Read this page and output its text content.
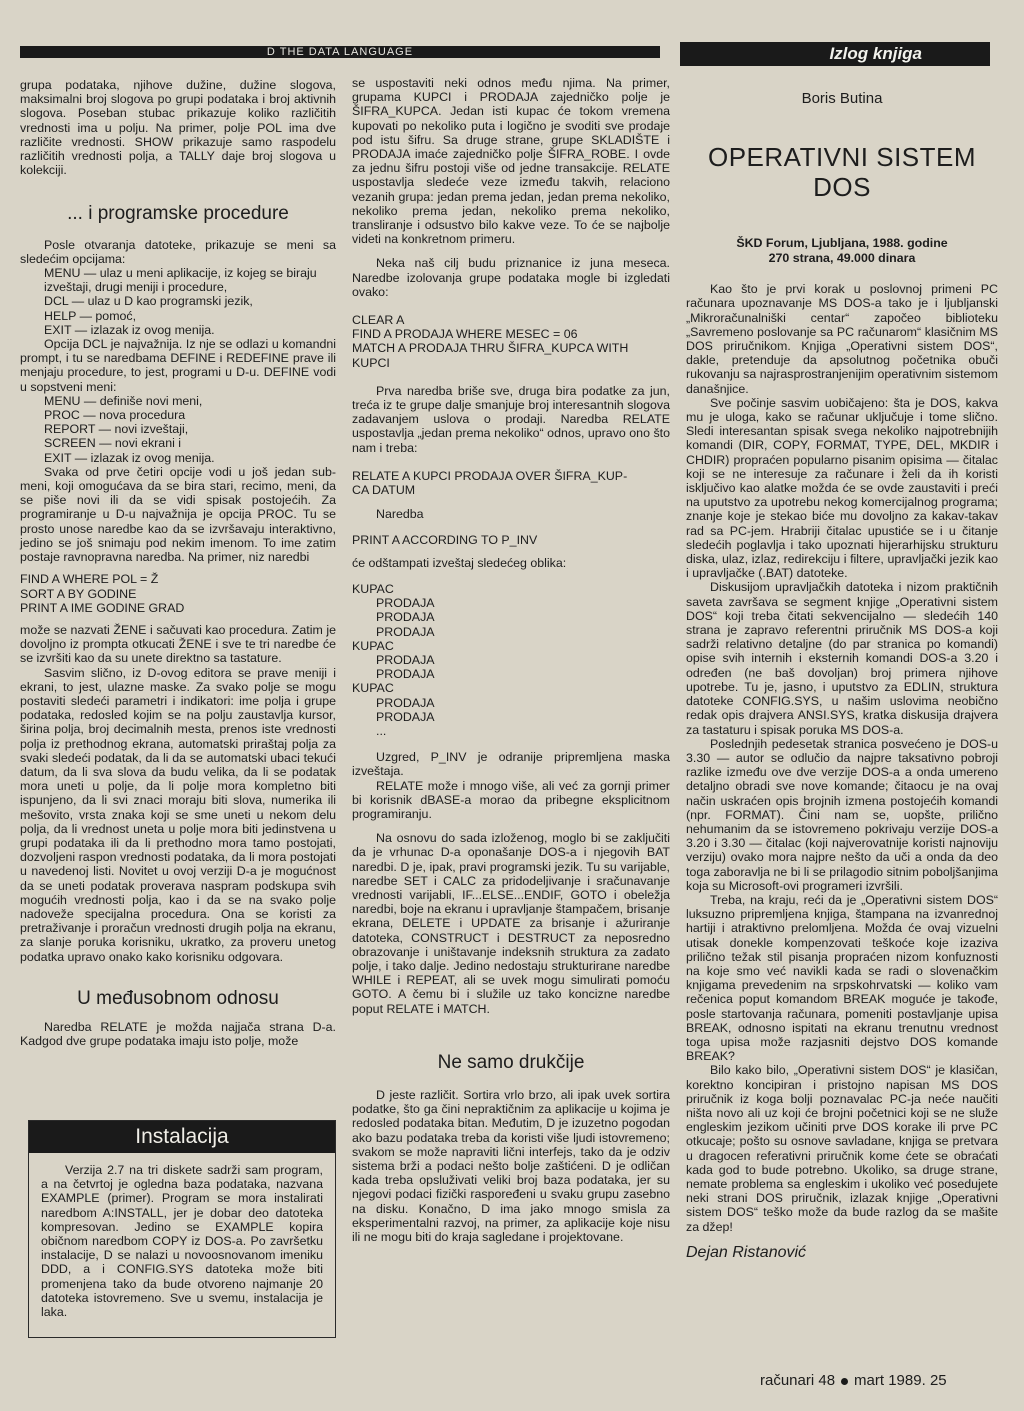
D THE DATA LANGUAGE	Izlog knjiga

grupa podataka, njihove dužine, dužine slogova, maksimalni broj slogova po grupi podataka i broj aktivnih slogova. Poseban stubac prikazuje koliko različitih vrednosti ima u polju. Na primer, polje POL ima dve različite vrednosti. SHOW prikazuje samo raspodelu različitih vrednosti polja, a TALLY daje broj slogova u kolekciji.

... i programske procedure

Posle otvaranja datoteke, prikazuje se meni sa sledećim opcijama:

MENU — ulaz u meni aplikacije, iz kojeg se biraju izveštaji, drugi meniji i procedure,
DCL — ulaz u D kao programski jezik,
HELP — pomoć,
EXIT — izlazak iz ovog menija.

Opcija DCL je najvažnija. Iz nje se odlazi u komandni prompt, i tu se naredbama DEFINE i REDEFINE prave ili menjaju procedure, to jest, programi u D-u. DEFINE vodi u sopstveni meni:

MENU — definiše novi meni,
PROC — nova procedura
REPORT — novi izveštaji,
SCREEN — novi ekrani i
EXIT — izlazak iz ovog menija.

Svaka od prve četiri opcije vodi u još jedan sub-meni, koji omogućava da se bira stari, recimo, meni, da se piše novi ili da se vidi spisak postojećih. Za programiranje u D-u najvažnija je opcija PROC. Tu se prosto unose naredbe kao da se izvršavaju interaktivno, jedino se još snimaju pod nekim imenom. To ime zatim postaje ravnopravna naredba. Na primer, niz naredbi

FIND A WHERE POL = Ž
SORT A BY GODINE
PRINT A IME GODINE GRAD

može se nazvati ŽENE i sačuvati kao procedura. Zatim je dovoljno iz prompta otkucati ŽENE i sve te tri naredbe će se izvršiti kao da su unete direktno sa tastature.

Sasvim slično, iz D-ovog editora se prave meniji i ekrani, to jest, ulazne maske. Za svako polje se mogu postaviti sledeći parametri i indikatori: ime polja i grupe podataka, redosled kojim se na polju zaustavlja kursor, širina polja, broj decimalnih mesta, prenos iste vrednosti polja iz prethodnog ekrana, automatski priraštaj polja za svaki sledeći podatak, da li da se automatski ubaci tekući datum, da li sva slova da budu velika, da li se podatak mora uneti u polje, da li polje mora kompletno biti ispunjeno, da li svi znaci moraju biti slova, numerika ili mešovito, vrsta znaka koji se sme uneti u nekom delu polja, da li vrednost uneta u polje mora biti jedinstvena u grupi podataka ili da li prethodno mora tamo postojati, dozvoljeni raspon vrednosti podataka, da li mora postojati u navedenoj listi. Novitet u ovoj verziji D-a je mogućnost da se uneti podatak proverava naspram podskupa svih mogućih vrednosti polja, kao i da se na svako polje nadoveže specijalna procedura. Ona se koristi za pretraživanje i proračun vrednosti drugih polja na ekranu, za slanje poruka korisniku, ukratko, za proveru unetog podatka upravo onako kako korisniku odgovara.

U međusobnom odnosu

Naredba RELATE je možda najjača strana D-a. Kadgod dve grupe podataka imaju isto polje, može

Instalacija
Verzija 2.7 na tri diskete sadrži sam program, a na četvrtoj je ogledna baza podataka, nazvana EXAMPLE (primer). Program se mora instalirati naredbom A:INSTALL, jer je dobar deo datoteka kompresovan. Jedino se EXAMPLE kopira običnom naredbom COPY iz DOS-a. Po završetku instalacije, D se nalazi u novoosnovanom imeniku DDD, a i CONFIG.SYS datoteka može biti promenjena tako da bude otvoreno najmanje 20 datoteka istovremeno. Sve u svemu, instalacija je laka.

se uspostaviti neki odnos među njima. Na primer, grupama KUPCI i PRODAJA zajedničko polje je ŠIFRA_KUPCA. Jedan isti kupac će tokom vremena kupovati po nekoliko puta i logično je svoditi sve prodaje pod istu šifru. Sa druge strane, grupe SKLADIŠTE i PRODAJA imaće zajedničko polje ŠIFRA_ROBE. I ovde za jednu šifru postoji više od jedne transakcije. RELATE uspostavlja sledeće veze između takvih, relaciono vezanih grupa: jedan prema jedan, jedan prema nekoliko, nekoliko prema jedan, nekoliko prema nekoliko, transliranje i odsustvo bilo kakve veze. To će se najbolje videti na konkretnom primeru.

Neka naš cilj budu priznanice iz juna meseca. Naredbe izolovanja grupe podataka mogle bi izgledati ovako:

CLEAR A
FIND A PRODAJA WHERE MESEC = 06
MATCH A PRODAJA THRU ŠIFRA_KUPCA WITH
KUPCI

Prva naredba briše sve, druga bira podatke za jun, treća iz te grupe dalje smanjuje broj interesantnih slogova zadavanjem uslova o prodaji. Naredba RELATE uspostavlja „jedan prema nekoliko“ odnos, upravo ono što nam i treba:

RELATE A KUPCI PRODAJA OVER ŠIFRA_KUP-
CA DATUM
Naredba
PRINT A ACCORDING TO P_INV

će odštampati izveštaj sledećeg oblika:

KUPAC
PRODAJA
PRODAJA
PRODAJA
KUPAC
PRODAJA
PRODAJA
KUPAC
PRODAJA
PRODAJA
...

Uzgred, P_INV je odranije pripremljena maska izveštaja.

RELATE može i mnogo više, ali već za gornji primer bi korisnik dBASE-a morao da pribegne eksplicitnom programiranju.

Na osnovu do sada izloženog, moglo bi se zaključiti da je vrhunac D-a oponašanje DOS-a i njegovih BAT naredbi. D je, ipak, pravi programski jezik. Tu su varijable, naredbe SET i CALC za pridodeljivanje i sračunavanje vrednosti varijabli, IF...ELSE...ENDIF, GOTO i obeležja naredbi, boje na ekranu i upravljanje štampačem, brisanje ekrana, DELETE i UPDATE za brisanje i ažuriranje datoteka, CONSTRUCT i DESTRUCT za neposredno obrazovanje i uništavanje indeksnih struktura za zadato polje, i tako dalje. Jedino nedostaju strukturirane naredbe WHILE i REPEAT, ali se uvek mogu simulirati pomoću GOTO. A čemu bi i služile uz tako koncizne naredbe poput RELATE i MATCH.

Ne samo drukčije

D jeste različit. Sortira vrlo brzo, ali ipak uvek sortira podatke, što ga čini nepraktičnim za aplikacije u kojima je redosled podataka bitan. Međutim, D je izuzetno pogodan ako bazu podataka treba da koristi više ljudi istovremeno; svakom se može napraviti lični interfejs, tako da je odziv sistema brži a podaci nešto bolje zaštićeni. D je odličan kada treba opsluživati veliki broj baza podataka, jer su njegovi podaci fizički raspoređeni u svaku grupu zasebno na disku. Konačno, D ima jako mnogo smisla za eksperimentalni razvoj, na primer, za aplikacije koje nisu ili ne mogu biti do kraja sagledane i projektovane.

Boris Butina
OPERATIVNI SISTEM DOS
ŠKD Forum, Ljubljana, 1988. godine
270 strana, 49.000 dinara

Kao što je prvi korak u poslovnoj primeni PC računara upoznavanje MS DOS-a tako je i ljubljanski „Mikroračunalniški centar“ započeo biblioteku „Savremeno poslovanje sa PC računarom“ klasičnim MS DOS priručnikom. Knjiga „Operativni sistem DOS“, dakle, pretenduje da apsolutnog početnika obuči rukovanju sa najrasprostranjenijim operativnim sistemom današnjice.

Sve počinje sasvim uobičajeno: šta je DOS, kakva mu je uloga, kako se računar uključuje i tome slično. Sledi interesantan spisak svega nekoliko najpotrebnijih komandi (DIR, COPY, FORMAT, TYPE, DEL, MKDIR i CHDIR) propraćen popularno pisanim opisima — čitalac koji se ne interesuje za računare i želi da ih koristi isključivo kao alatke možda će se ovde zaustaviti i preći na uputstvo za upotrebu nekog komercijalnog programa; znanje koje je stekao biće mu dovoljno za kakav-takav rad sa PC-jem. Hrabriji čitalac upustiće se i u čitanje sledećih poglavlja i tako upoznati hijerarhijsku strukturu diska, ulaz, izlaz, redirekciju i filtere, upravljački jezik kao i upravljačke (.BAT) datoteke.

Diskusijom upravljačkih datoteka i nizom praktičnih saveta završava se segment knjige „Operativni sistem DOS“ koji treba čitati sekvencijalno — sledećih 140 strana je zapravo referentni priručnik MS DOS-a koji sadrži relativno detaljne (do par stranica po komandi) opise svih internih i eksternih komandi DOS-a 3.20 i određen (ne baš dovoljan) broj primera njihove upotrebe. Tu je, jasno, i uputstvo za EDLIN, struktura datoteke CONFIG.SYS, u našim uslovima neobično redak opis drajvera ANSI.SYS, kratka diskusija drajvera za tastaturu i spisak poruka MS DOS-a.

Poslednjih pedesetak stranica posvećeno je DOS-u 3.30 — autor se odlučio da najpre taksativno pobroji razlike između ove dve verzije DOS-a a onda umereno detaljno obradi sve nove komande; čitaocu je na ovaj način uskraćen opis brojnih izmena postojećih komandi (npr. FORMAT). Čini nam se, uopšte, prilično nehumanim da se istovremeno pokrivaju verzije DOS-a 3.20 i 3.30 — čitalac (koji najverovatnije koristi najnoviju verziju) ovako mora najpre nešto da uči a onda da deo toga zaboravlja ne bi li se prilagodio sitnim poboljšanjima koja su Microsoft-ovi programeri izvršili.

Treba, na kraju, reći da je „Operativni sistem DOS“ luksuzno pripremljena knjiga, štampana na izvanrednoj hartiji i atraktivno prelomljena. Možda će ovaj vizuelni utisak donekle kompenzovati teškoće koje izaziva prilično težak stil pisanja propraćen nizom konfuznosti na koje smo već navikli kada se radi o slovenačkim knjigama prevedenim na srpskohrvatski — koliko vam rečenica poput komandom BREAK moguće je takođe, posle startovanja računara, pomeniti postavljanje upisa BREAK, odnosno ispitati na ekranu trenutnu vrednost toga upisa može razjasniti dejstvo DOS komande BREAK?

Bilo kako bilo, „Operativni sistem DOS“ je klasičan, korektno koncipiran i pristojno napisan MS DOS priručnik iz koga bolji poznavalac PC-ja neće naučiti ništa novo ali uz koji će brojni početnici koji se ne služe engleskim jezikom učiniti prve DOS korake ili prve PC otkucaje; pošto su osnove savladane, knjiga se pretvara u dragocen referativni priručnik kome ćete se obraćati kada god to bude potrebno. Ukoliko, sa druge strane, nemate problema sa engleskim i ukoliko već posedujete neki strani DOS priručnik, izlazak knjige „Operativni sistem DOS“ teško može da bude razlog da se mašite za džep!

Dejan Ristanović
računari 48 mart 1989. 25
